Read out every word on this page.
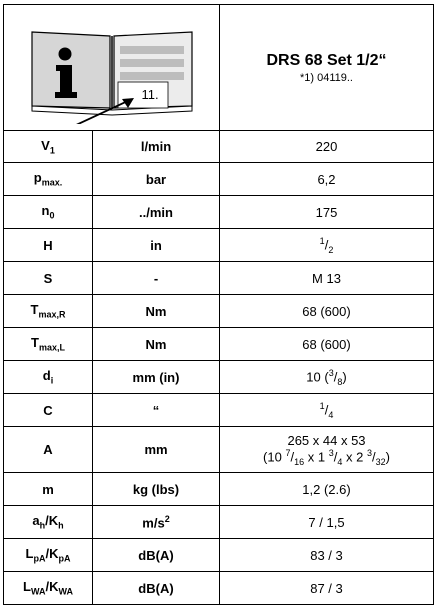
11.		DRS 68 Set 1/2“
*1) 04119..

$V_1$	l/min	220
$p_{max.}$	bar	6,2
$n_0$	../min	175
H	in	$^1/_2$
S	-	M 13
$T_{max,R}$	Nm	68 (600)
$T_{max,L}$	Nm	68 (600)
$d_i$	mm (in)	10 $(^3/_8)$
C	“	$^1/_4$
A	mm	265 x 44 x 53
(10 $^7/_{16}$ x 1 $^3/_4$ x 2 $^3/_{32}$)

m	kg (lbs)	1,2 (2.6)
$a_h/K_h$	$m/s^2$	7 / 1,5
$L_{pA}/K_{pA}$	dB(A)	83 / 3
$L_{WA}/K_{WA}$	dB(A)	87 / 3
